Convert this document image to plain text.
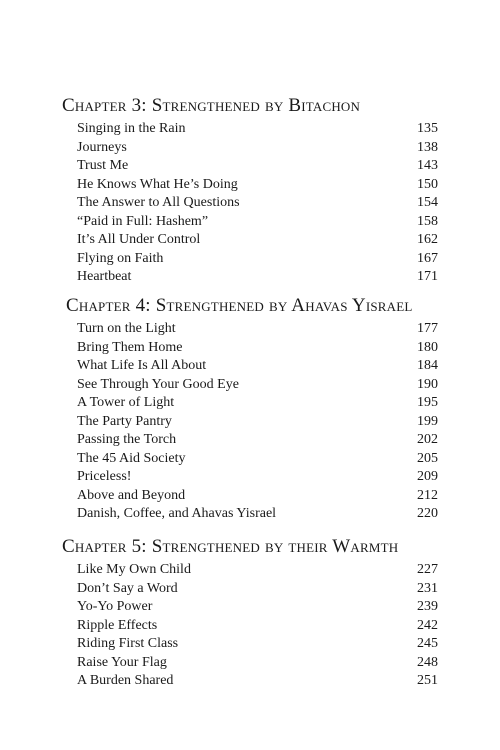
Chapter 3: Strengthened by Bitachon
Singing in the Rain	135
Journeys	138
Trust Me	143
He Knows What He’s Doing	150
The Answer to All Questions	154
“Paid in Full: Hashem”	158
It’s All Under Control	162
Flying on Faith	167
Heartbeat	171
Chapter 4: Strengthened by Ahavas Yisrael
Turn on the Light	177
Bring Them Home	180
What Life Is All About	184
See Through Your Good Eye	190
A Tower of Light	195
The Party Pantry	199
Passing the Torch	202
The 45 Aid Society	205
Priceless!	209
Above and Beyond	212
Danish, Coffee, and Ahavas Yisrael	220
Chapter 5: Strengthened by their Warmth
Like My Own Child	227
Don’t Say a Word	231
Yo-Yo Power	239
Ripple Effects	242
Riding First Class	245
Raise Your Flag	248
A Burden Shared	251
